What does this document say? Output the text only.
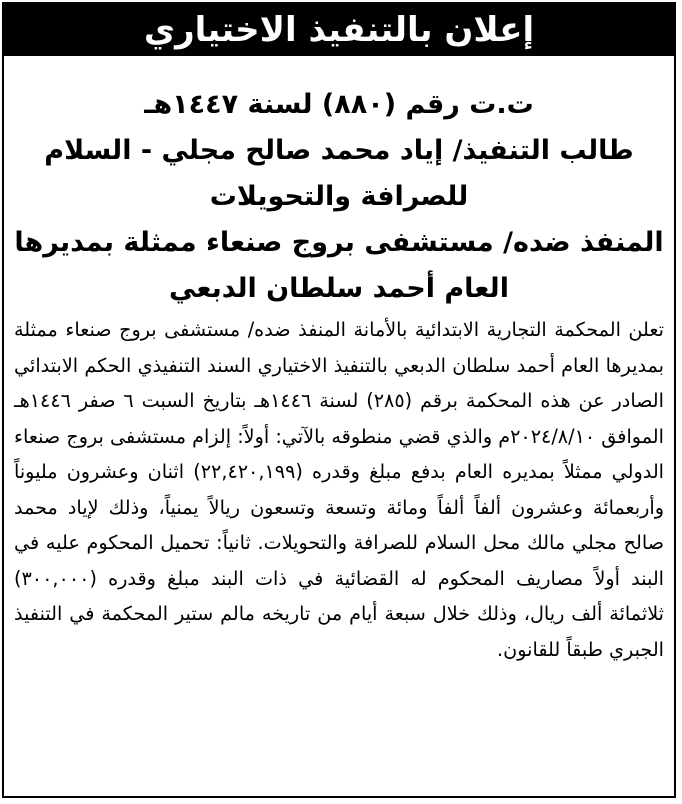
إعلان بالتنفيذ الاختياري
ت.ت رقم (٨٨٠) لسنة ١٤٤٧هـ
طالب التنفيذ/ إياد محمد صالح مجلي - السلام
للصرافة والتحويلات
المنفذ ضده/ مستشفى بروج صنعاء ممثلة بمديرها
العام أحمد سلطان الدبعي
تعلن المحكمة التجارية الابتدائية بالأمانة المنفذ ضده/ مستشفى بروج صنعاء ممثلة بمديرها العام أحمد سلطان الدبعي بالتنفيذ الاختياري السند التنفيذي الحكم الابتدائي الصادر عن هذه المحكمة برقم (٢٨٥) لسنة ١٤٤٦هـ بتاريخ السبت ٦ صفر ١٤٤٦هـ الموافق ٢٠٢٤/٨/١٠م والذي قضي منطوقه بالآتي: أولاً: إلزام مستشفى بروج صنعاء الدولي ممثلاً بمديره العام بدفع مبلغ وقدره (٢٢,٤٢٠,١٩٩) اثنان وعشرون مليوناً وأربعمائة وعشرون ألفاً ألفاً ومائة وتسعة وتسعون ريالاً يمنياً، وذلك لإياد محمد صالح مجلي مالك محل السلام للصرافة والتحويلات. ثانياً: تحميل المحكوم عليه في البند أولاً مصاريف المحكوم له القضائية في ذات البند مبلغ وقدره (٣٠٠,٠٠٠) ثلاثمائة ألف ريال، وذلك خلال سبعة أيام من تاريخه مالم ستير المحكمة في التنفيذ الجبري طبقاً للقانون.
